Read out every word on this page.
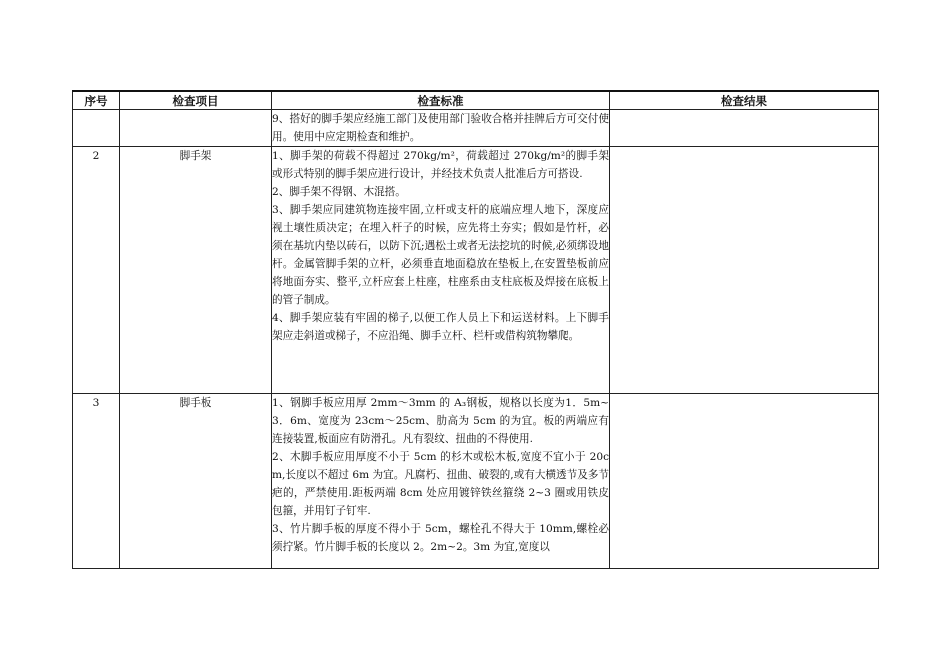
序号	检查项目	检查标准	检查结果

		9、搭好的脚手架应经施工部门及使用部门验收合格并挂牌后方可交付使用。使用中应定期检查和维护。	

2	脚手架	1、脚手架的荷载不得超过 270kg/m²，荷载超过 270kg/m²的脚手架或形式特别的脚手架应进行设计，并经技术负责人批准后方可搭设.
2、脚手架不得钢、木混搭。
3、脚手架应同建筑物连接牢固,立杆或支杆的底端应埋人地下，深度应视土壤性质决定；在埋入杆子的时候，应先将土夯实；假如是竹杆，必须在基坑内垫以砖石，以防下沉;遇松土或者无法挖坑的时候,必须绑设地杆。金属管脚手架的立杆，必须垂直地面稳放在垫板上,在安置垫板前应将地面夯实、整平,立杆应套上柱座，柱座系由支柱底板及焊接在底板上的管子制成。
4、脚手架应装有牢固的梯子,以便工作人员上下和运送材料。上下脚手架应走斜道或梯子，不应沿绳、脚手立杆、栏杆或借构筑物攀爬。	

3	脚手板	1、钢脚手板应用厚 2mm～3mm 的 A₃钢板，规格以长度为1．5m~3．6m、宽度为 23cm～25cm、肋高为 5cm 的为宜。板的两端应有连接装置,板面应有防滑孔。凡有裂纹、扭曲的不得使用.
2、木脚手板应用厚度不小于 5cm 的杉木或松木板,宽度不宜小于 20cm,长度以不超过 6m 为宜。凡腐朽、扭曲、破裂的,或有大横透节及多节疤的，严禁使用.距板两端 8cm 处应用镀锌铁丝箍绕 2~3 圈或用铁皮包箍，并用钉子钉牢.
3、竹片脚手板的厚度不得小于 5cm，螺栓孔不得大于 10mm,螺栓必须拧紧。竹片脚手板的长度以 2。2m~2。3m 为宜,宽度以	
